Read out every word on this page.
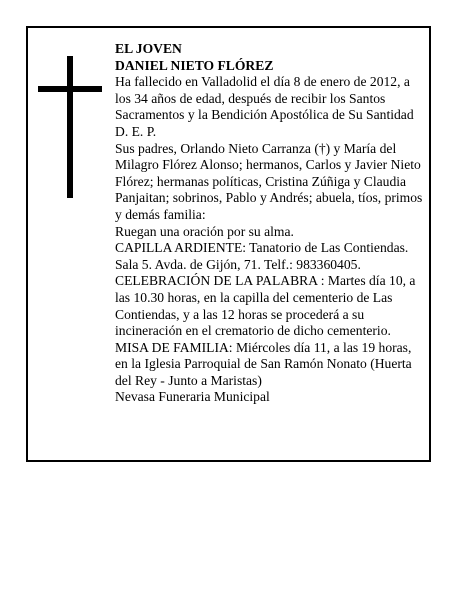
EL JOVEN

DANIEL NIETO FLÓREZ

Ha fallecido en Valladolid el día 8 de enero de 2012, a los 34 años de edad, después de recibir los Santos Sacramentos y la Bendición Apostólica de Su Santidad D. E. P.

Sus padres, Orlando Nieto Carranza (†) y María del Milagro Flórez Alonso; hermanos, Carlos y Javier Nieto Flórez; hermanas políticas, Cristina Zúñiga y Claudia Panjaitan; sobrinos, Pablo y Andrés; abuela, tíos, primos y demás familia:

Ruegan una oración por su alma.

CAPILLA ARDIENTE: Tanatorio de Las Contiendas. Sala 5. Avda. de Gijón, 71. Telf.: 983360405.

CELEBRACIÓN DE LA PALABRA : Martes día 10, a las 10.30 horas, en la capilla del cementerio de Las Contiendas, y a las 12 horas se procederá a su incineración en el crematorio de dicho cementerio.

MISA DE FAMILIA: Miércoles día 11, a las 19 horas, en la Iglesia Parroquial de San Ramón Nonato (Huerta del Rey - Junto a Maristas)

Nevasa Funeraria Municipal
